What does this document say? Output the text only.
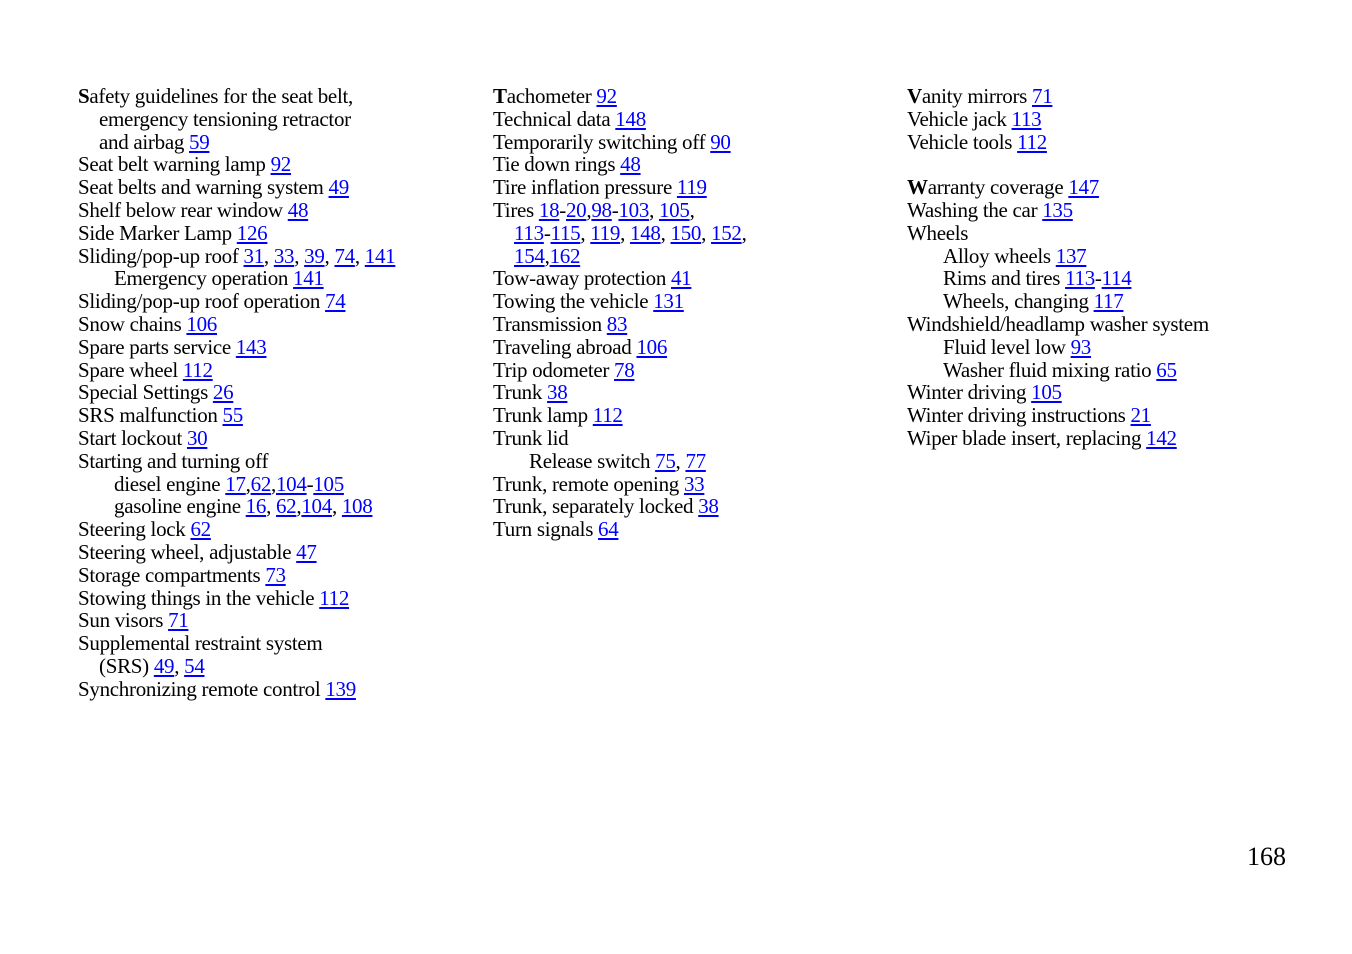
Safety guidelines for the seat belt,
emergency tensioning retractor
and airbag 59
Seat belt warning lamp 92
Seat belts and warning system 49
Shelf below rear window 48
Side Marker Lamp 126
Sliding/pop-up roof 31, 33, 39, 74, 141
Emergency operation 141
Sliding/pop-up roof operation 74
Snow chains 106
Spare parts service 143
Spare wheel 112
Special Settings 26
SRS malfunction 55
Start lockout 30
Starting and turning off
diesel engine 17,62,104-105
gasoline engine 16, 62,104, 108
Steering lock 62
Steering wheel, adjustable 47
Storage compartments 73
Stowing things in the vehicle 112
Sun visors 71
Supplemental restraint system
(SRS) 49, 54
Synchronizing remote control 139
Tachometer 92
Technical data 148
Temporarily switching off 90
Tie down rings 48
Tire inflation pressure 119
Tires 18-20,98-103, 105,
113-115, 119, 148, 150, 152,
154,162
Tow-away protection 41
Towing the vehicle 131
Transmission 83
Traveling abroad 106
Trip odometer 78
Trunk 38
Trunk lamp 112
Trunk lid
Release switch 75, 77
Trunk, remote opening 33
Trunk, separately locked 38
Turn signals 64
Vanity mirrors 71
Vehicle jack 113
Vehicle tools 112
Warranty coverage 147
Washing the car 135
Wheels
Alloy wheels 137
Rims and tires 113-114
Wheels, changing 117
Windshield/headlamp washer system
Fluid level low 93
Washer fluid mixing ratio 65
Winter driving 105
Winter driving instructions 21
Wiper blade insert, replacing 142
168
